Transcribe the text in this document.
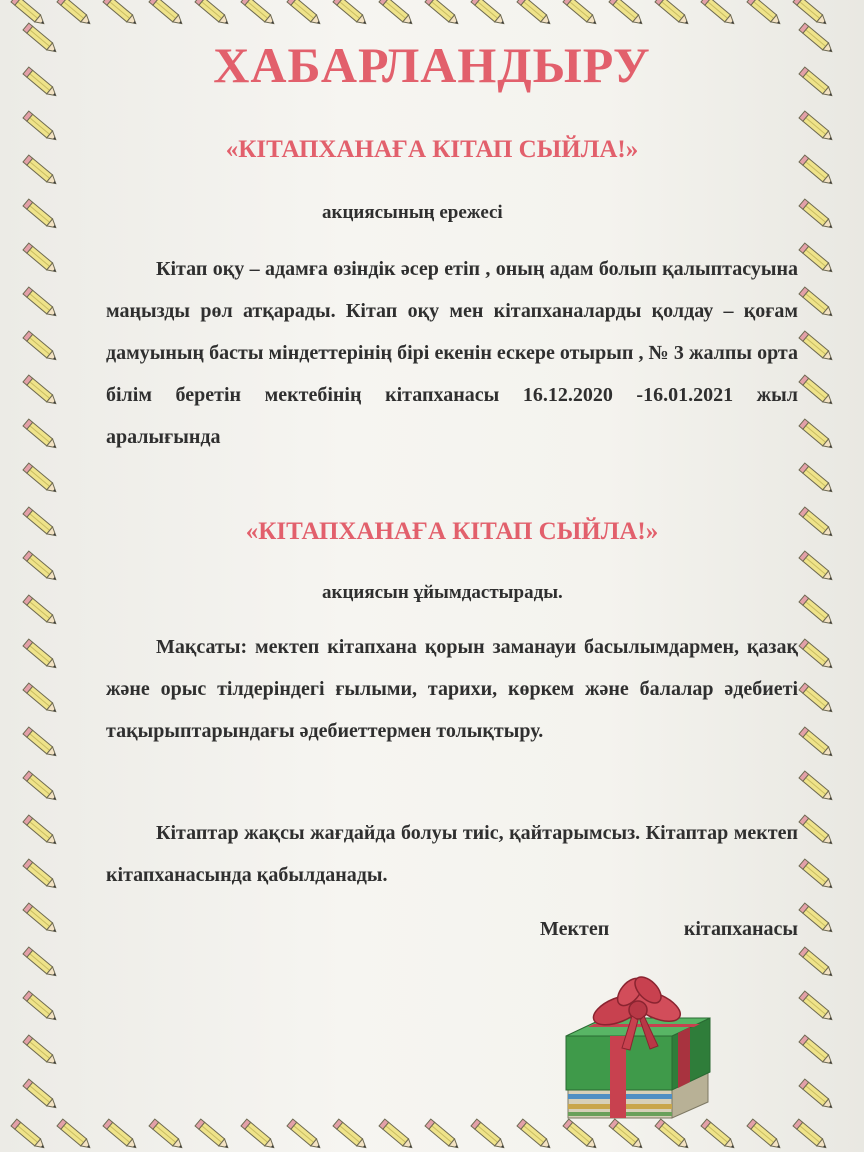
ХАБАРЛАНДЫРУ
«КІТАПХАНАҒА КІТАП СЫЙЛА!»
акциясының ережесі
Кітап оқу – адамға өзіндік әсер етіп , оның адам болып қалыптасуына маңызды рөл атқарады. Кітап оқу мен кітапханаларды қолдау – қоғам дамуының басты міндеттерінің бірі екенін ескере отырып , № 3 жалпы орта білім беретін мектебінің кітапханасы 16.12.2020 -16.01.2021 жыл аралығында
«КІТАПХАНАҒА КІТАП СЫЙЛА!»
акциясын ұйымдастырады.
Мақсаты: мектеп кітапхана қорын заманауи басылымдармен, қазақ және орыс тілдеріндегі ғылыми, тарихи, көркем және балалар әдебиеті тақырыптарындағы әдебиеттермен толықтыру.
Кітаптар жақсы жағдайда болуы тиіс, қайтарымсыз. Кітаптар мектеп кітапханасында қабылданады.
Мектеп	кітапханасы
